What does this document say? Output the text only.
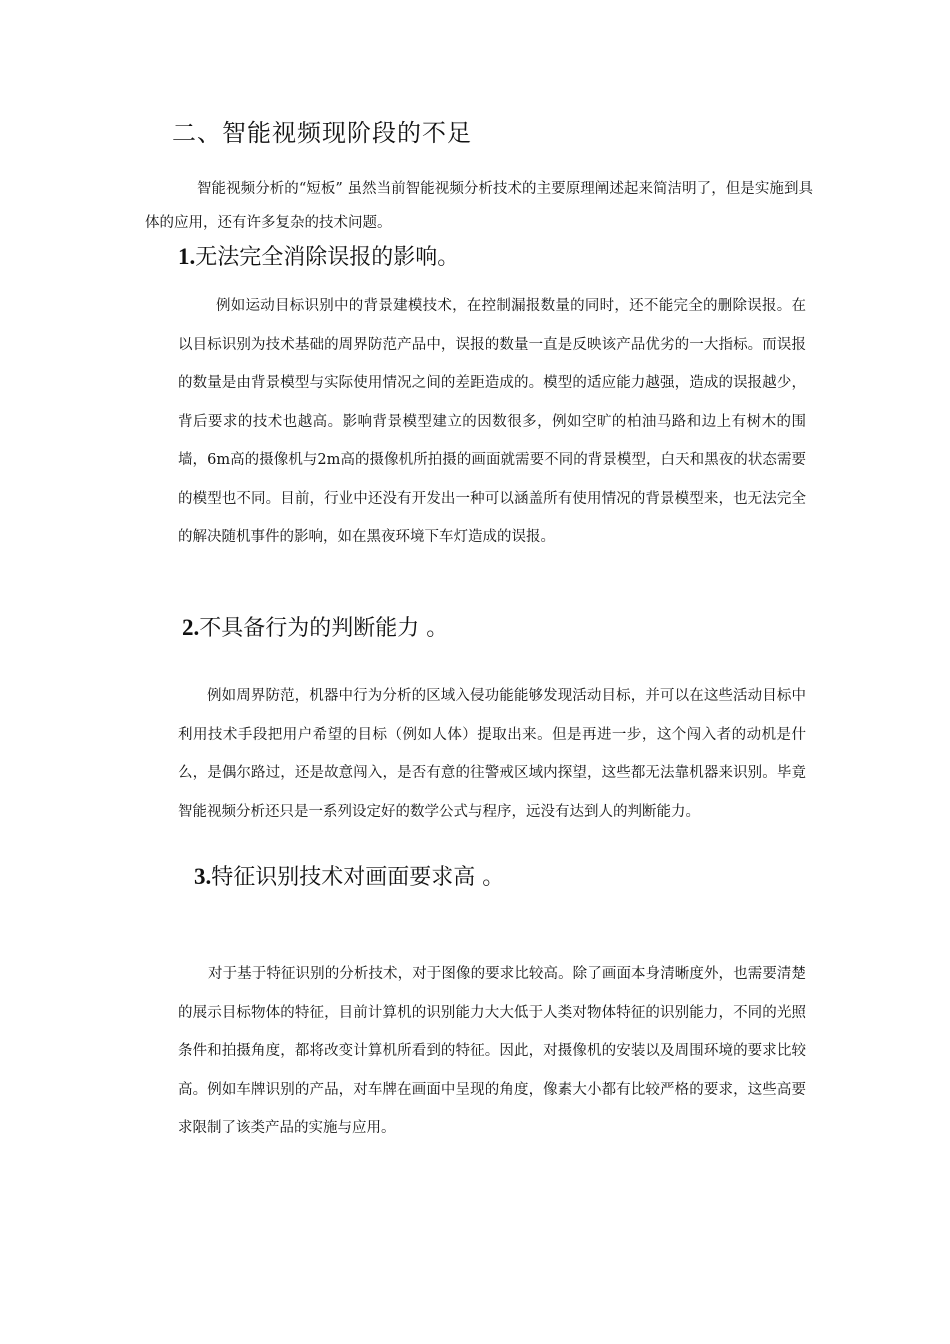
二、智能视频现阶段的不足

智能视频分析的“短板” 虽然当前智能视频分析技术的主要原理阐述起来简洁明了，但是实施到具体的应用，还有许多复杂的技术问题。

1.无法完全消除误报的影响。

例如运动目标识别中的背景建模技术，在控制漏报数量的同时，还不能完全的删除误报。在以目标识别为技术基础的周界防范产品中，误报的数量一直是反映该产品优劣的一大指标。而误报的数量是由背景模型与实际使用情况之间的差距造成的。模型的适应能力越强，造成的误报越少，背后要求的技术也越高。影响背景模型建立的因数很多，例如空旷的柏油马路和边上有树木的围墙，6m高的摄像机与2m高的摄像机所拍摄的画面就需要不同的背景模型，白天和黑夜的状态需要的模型也不同。目前，行业中还没有开发出一种可以涵盖所有使用情况的背景模型来，也无法完全的解决随机事件的影响，如在黑夜环境下车灯造成的误报。

2.不具备行为的判断能力 。

例如周界防范，机器中行为分析的区域入侵功能能够发现活动目标，并可以在这些活动目标中利用技术手段把用户希望的目标（例如人体）提取出来。但是再进一步，这个闯入者的动机是什么，是偶尔路过，还是故意闯入，是否有意的往警戒区域内探望，这些都无法靠机器来识别。毕竟智能视频分析还只是一系列设定好的数学公式与程序，远没有达到人的判断能力。

3.特征识别技术对画面要求高 。

对于基于特征识别的分析技术，对于图像的要求比较高。除了画面本身清晰度外，也需要清楚的展示目标物体的特征，目前计算机的识别能力大大低于人类对物体特征的识别能力，不同的光照条件和拍摄角度，都将改变计算机所看到的特征。因此，对摄像机的安装以及周围环境的要求比较高。例如车牌识别的产品，对车牌在画面中呈现的角度，像素大小都有比较严格的要求，这些高要求限制了该类产品的实施与应用。
